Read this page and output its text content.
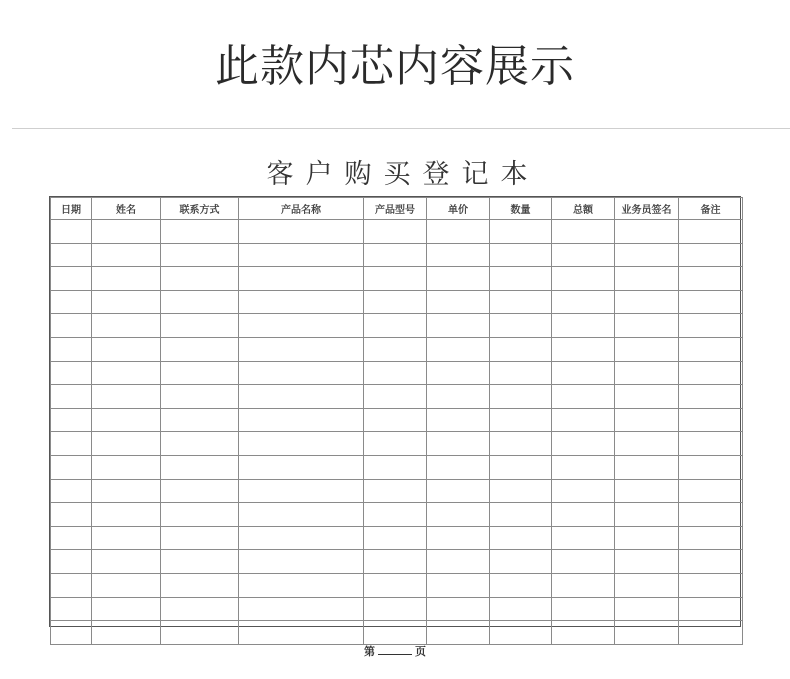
此款内芯内容展示
客户购买登记本
日期	姓名	联系方式	产品名称	产品型号	单价	数量	总额	业务员签名	备注

第	页
